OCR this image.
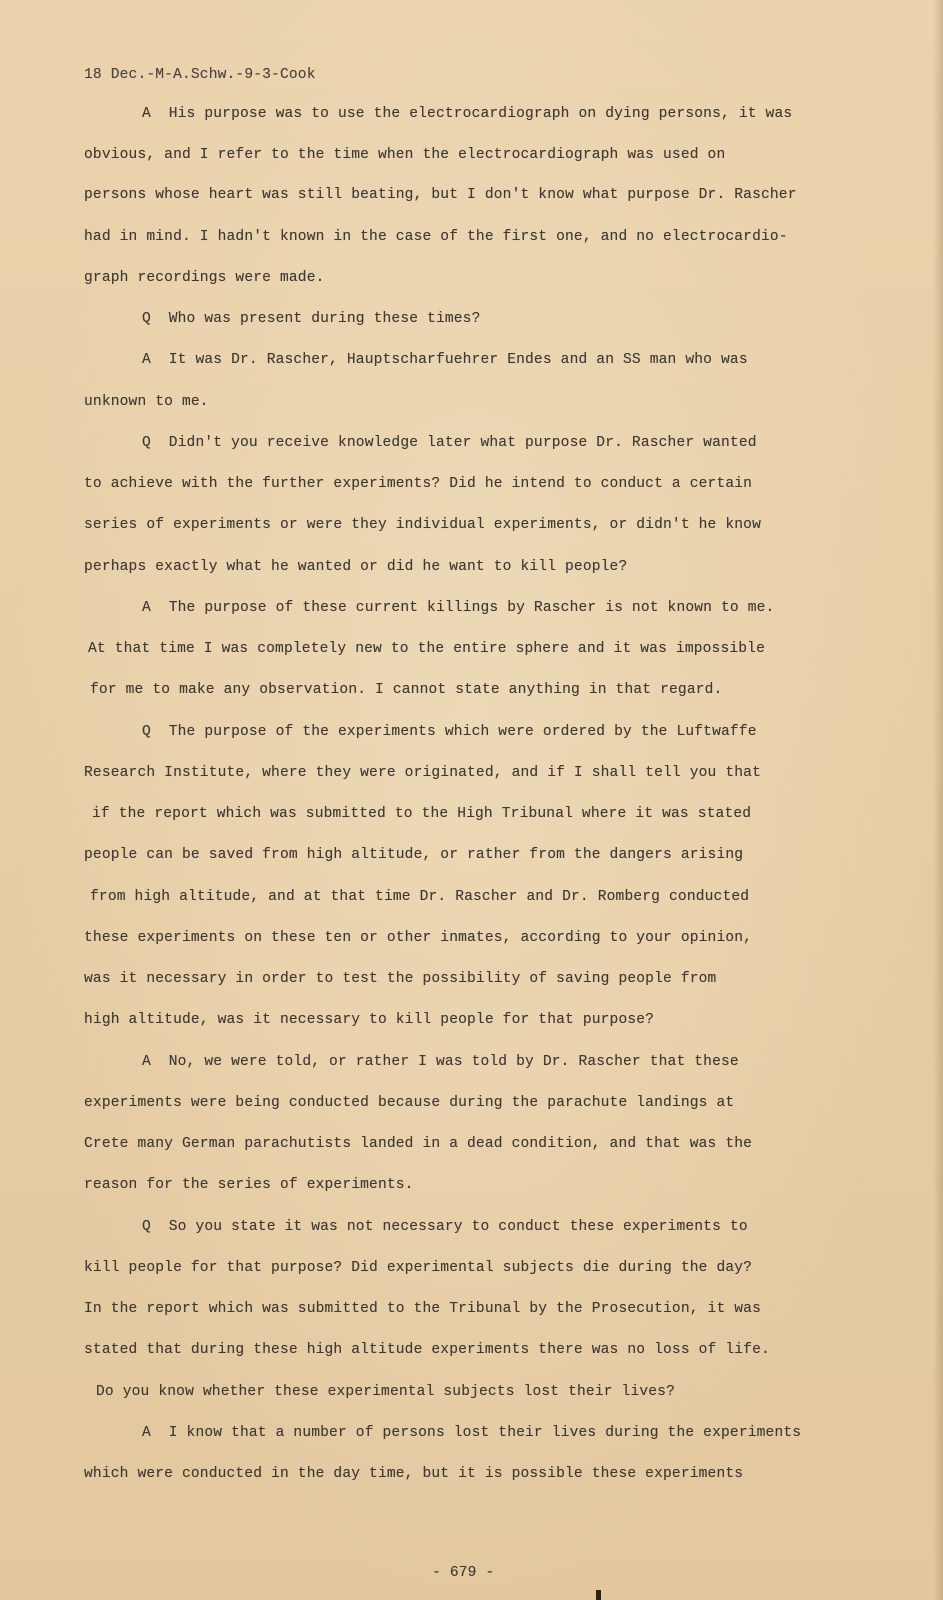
18 Dec.-M-A.Schw.-9-3-Cook
A  His purpose was to use the electrocardiograph on dying persons, it was
obvious, and I refer to the time when the electrocardiograph was used on
persons whose heart was still beating, but I don't know what purpose Dr. Rascher
had in mind. I hadn't known in the case of the first one, and no electrocardio-
graph recordings were made.
Q  Who was present during these times?
A  It was Dr. Rascher, Hauptscharfuehrer Endes and an SS man who was
unknown to me.
Q  Didn't you receive knowledge later what purpose Dr. Rascher wanted
to achieve with the further experiments? Did he intend to conduct a certain
series of experiments or were they individual experiments, or didn't he know
perhaps exactly what he wanted or did he want to kill people?
A  The purpose of these current killings by Rascher is not known to me.
At that time I was completely new to the entire sphere and it was impossible
for me to make any observation. I cannot state anything in that regard.
Q  The purpose of the experiments which were ordered by the Luftwaffe
Research Institute, where they were originated, and if I shall tell you that
if the report which was submitted to the High Tribunal where it was stated
people can be saved from high altitude, or rather from the dangers arising
from high altitude, and at that time Dr. Rascher and Dr. Romberg conducted
these experiments on these ten or other inmates, according to your opinion,
was it necessary in order to test the possibility of saving people from
high altitude, was it necessary to kill people for that purpose?
A  No, we were told, or rather I was told by Dr. Rascher that these
experiments were being conducted because during the parachute landings at
Crete many German parachutists landed in a dead condition, and that was the
reason for the series of experiments.
Q  So you state it was not necessary to conduct these experiments to
kill people for that purpose? Did experimental subjects die during the day?
In the report which was submitted to the Tribunal by the Prosecution, it was
stated that during these high altitude experiments there was no loss of life.
Do you know whether these experimental subjects lost their lives?
A  I know that a number of persons lost their lives during the experiments
which were conducted in the day time, but it is possible these experiments
- 679 -
